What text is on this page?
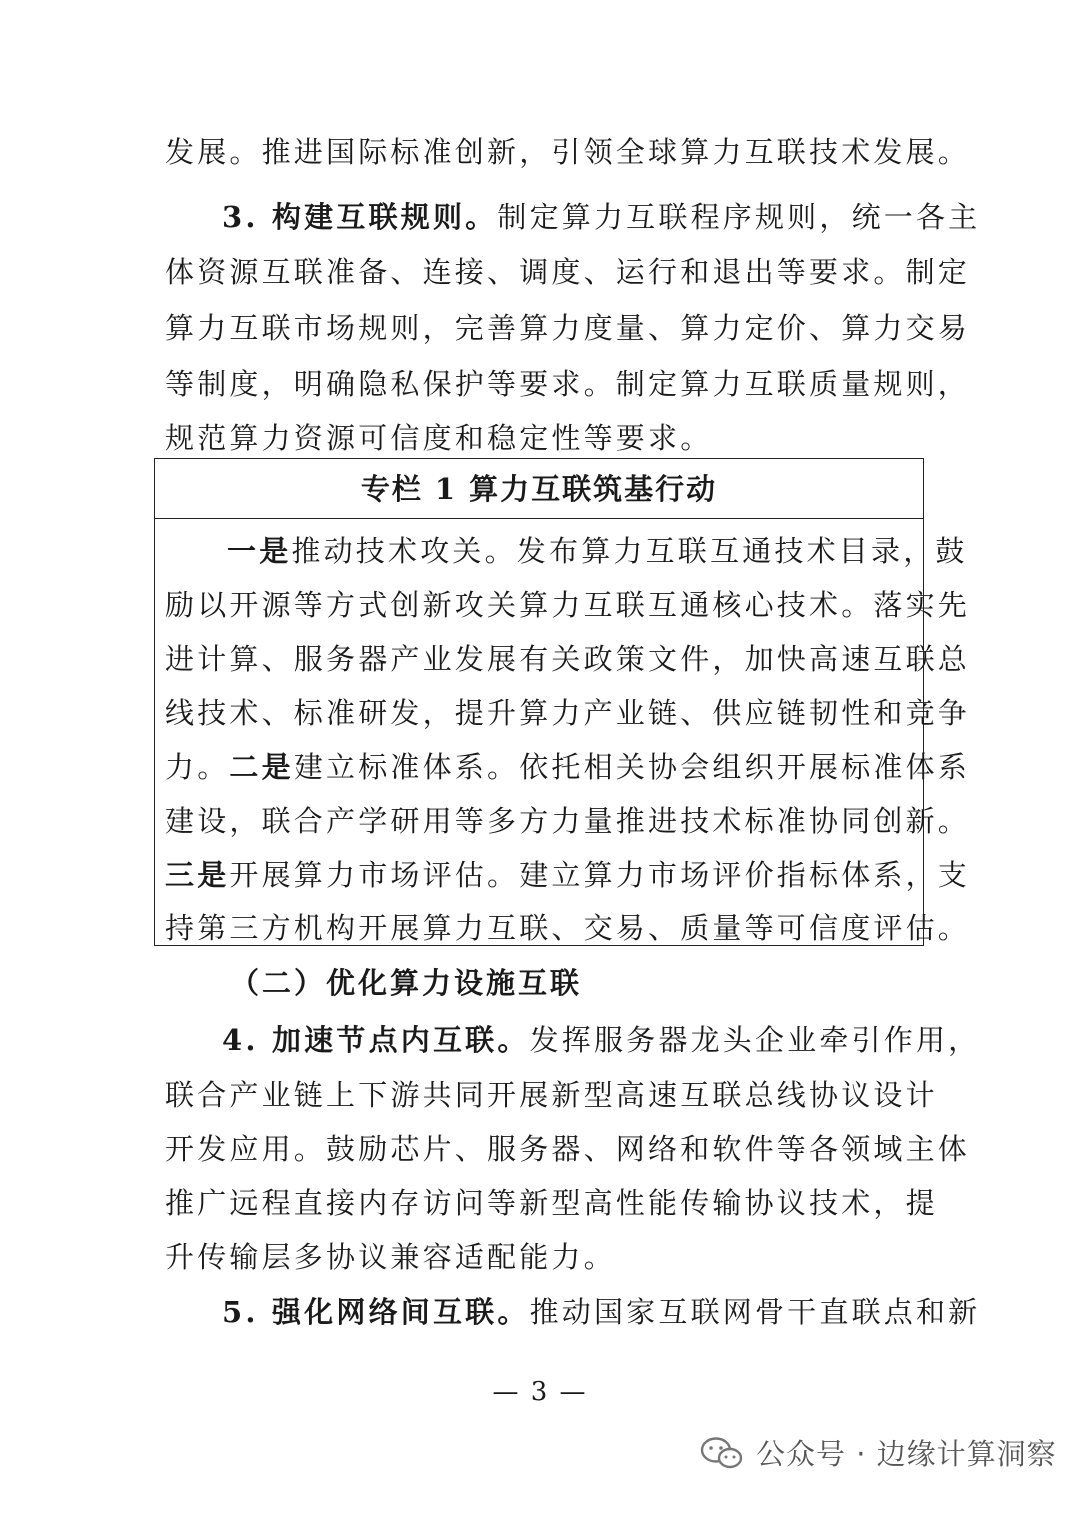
发展。推进国际标准创新，引领全球算力互联技术发展。
3. 构建互联规则。制定算力互联程序规则，统一各主
体资源互联准备、连接、调度、运行和退出等要求。制定
算力互联市场规则，完善算力度量、算力定价、算力交易
等制度，明确隐私保护等要求。制定算力互联质量规则，
规范算力资源可信度和稳定性等要求。
专栏 1 算力互联筑基行动
一是推动技术攻关。发布算力互联互通技术目录，鼓
励以开源等方式创新攻关算力互联互通核心技术。落实先
进计算、服务器产业发展有关政策文件，加快高速互联总
线技术、标准研发，提升算力产业链、供应链韧性和竞争
力。二是建立标准体系。依托相关协会组织开展标准体系
建设，联合产学研用等多方力量推进技术标准协同创新。
三是开展算力市场评估。建立算力市场评价指标体系，支
持第三方机构开展算力互联、交易、质量等可信度评估。
（二）优化算力设施互联
4. 加速节点内互联。发挥服务器龙头企业牵引作用，
联合产业链上下游共同开展新型高速互联总线协议设计
开发应用。鼓励芯片、服务器、网络和软件等各领域主体
推广远程直接内存访问等新型高性能传输协议技术，提
升传输层多协议兼容适配能力。
5. 强化网络间互联。推动国家互联网骨干直联点和新
— 3 —
公众号 · 边缘计算洞察
